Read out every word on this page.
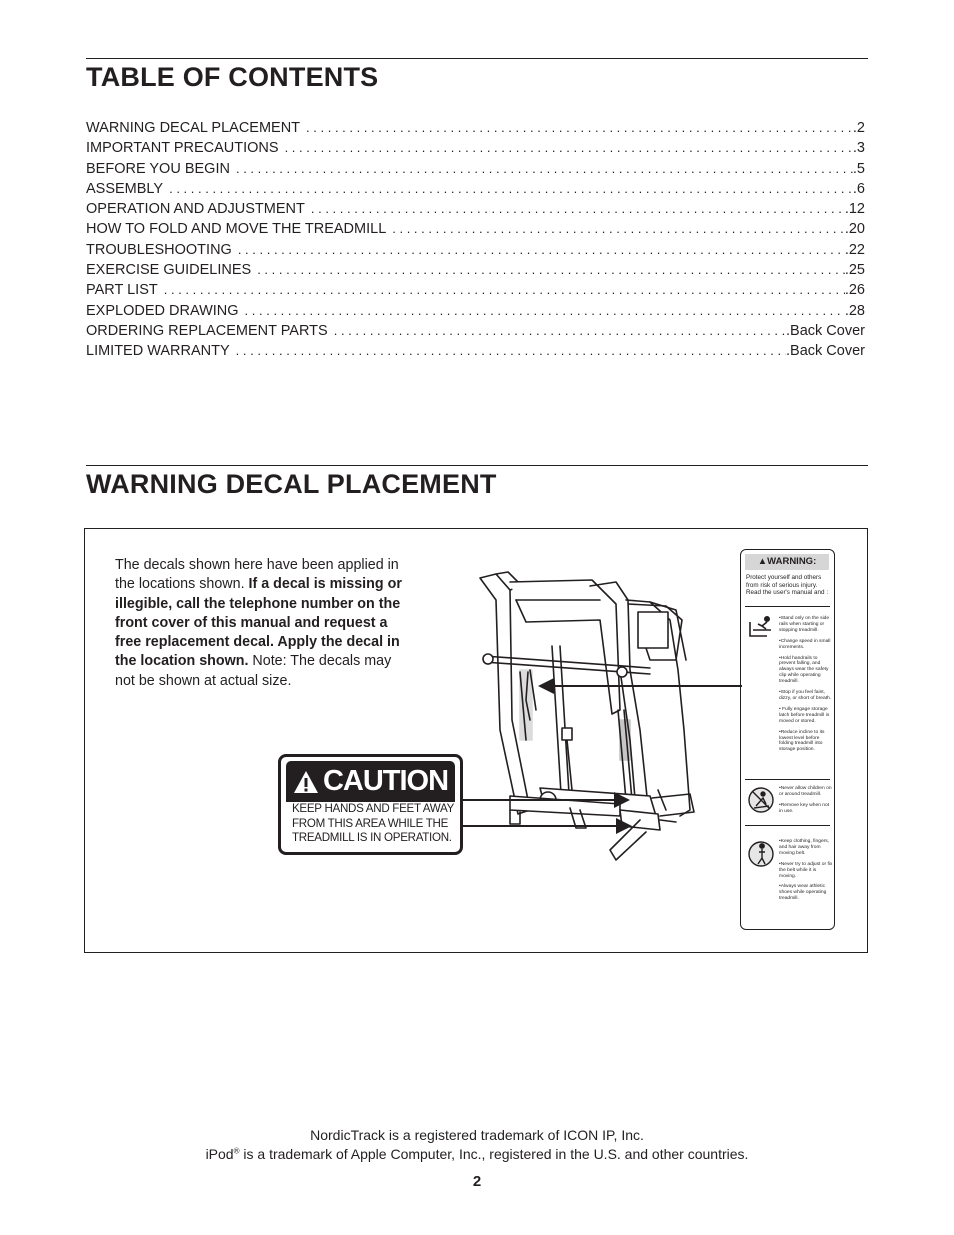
TABLE OF CONTENTS
WARNING DECAL PLACEMENT . . .	.2
IMPORTANT PRECAUTIONS . . .	.3
BEFORE YOU BEGIN . . .	.5
ASSEMBLY . . .	.6
OPERATION AND ADJUSTMENT . . .	.12
HOW TO FOLD AND MOVE THE TREADMILL . . .	.20
TROUBLESHOOTING . . .	.22
EXERCISE GUIDELINES . . .	.25
PART LIST . . .	.26
EXPLODED DRAWING . . .	.28
ORDERING REPLACEMENT PARTS . . .	.Back Cover
LIMITED WARRANTY . . .	.Back Cover
WARNING DECAL PLACEMENT

The decals shown here have been applied in the locations shown. If a decal is missing or illegible, call the telephone number on the front cover of this manual and request a free replacement decal. Apply the decal in the location shown. Note: The decals may not be shown at actual size.

CAUTION
KEEP HANDS AND FEET AWAY
FROM THIS AREA WHILE THE
TREADMILL IS IN OPERATION.
▲WARNING:
Protect yourself and others from risk of serious injury. Read the user's manual and :
•Stand only on the side rails when starting or stopping treadmill.
•Change speed in small increments.
•Hold handrails to prevent falling, and always wear the safety clip while operating treadmill.
•Stop if you feel faint, dizzy, or short of breath.
• Fully engage storage latch before treadmill is moved or stored.
•Reduce incline to its lowest level before folding treadmill into storage position.
•Never allow children on or around treadmill.
•Remove key when not in use.
•Keep clothing, fingers, and hair away from moving belt.
•Never try to adjust or fix the belt while it is moving.
•Always wear athletic shoes while operating treadmill.

NordicTrack is a registered trademark of ICON IP, Inc.

iPod® is a trademark of Apple Computer, Inc., registered in the U.S. and other countries.

2
